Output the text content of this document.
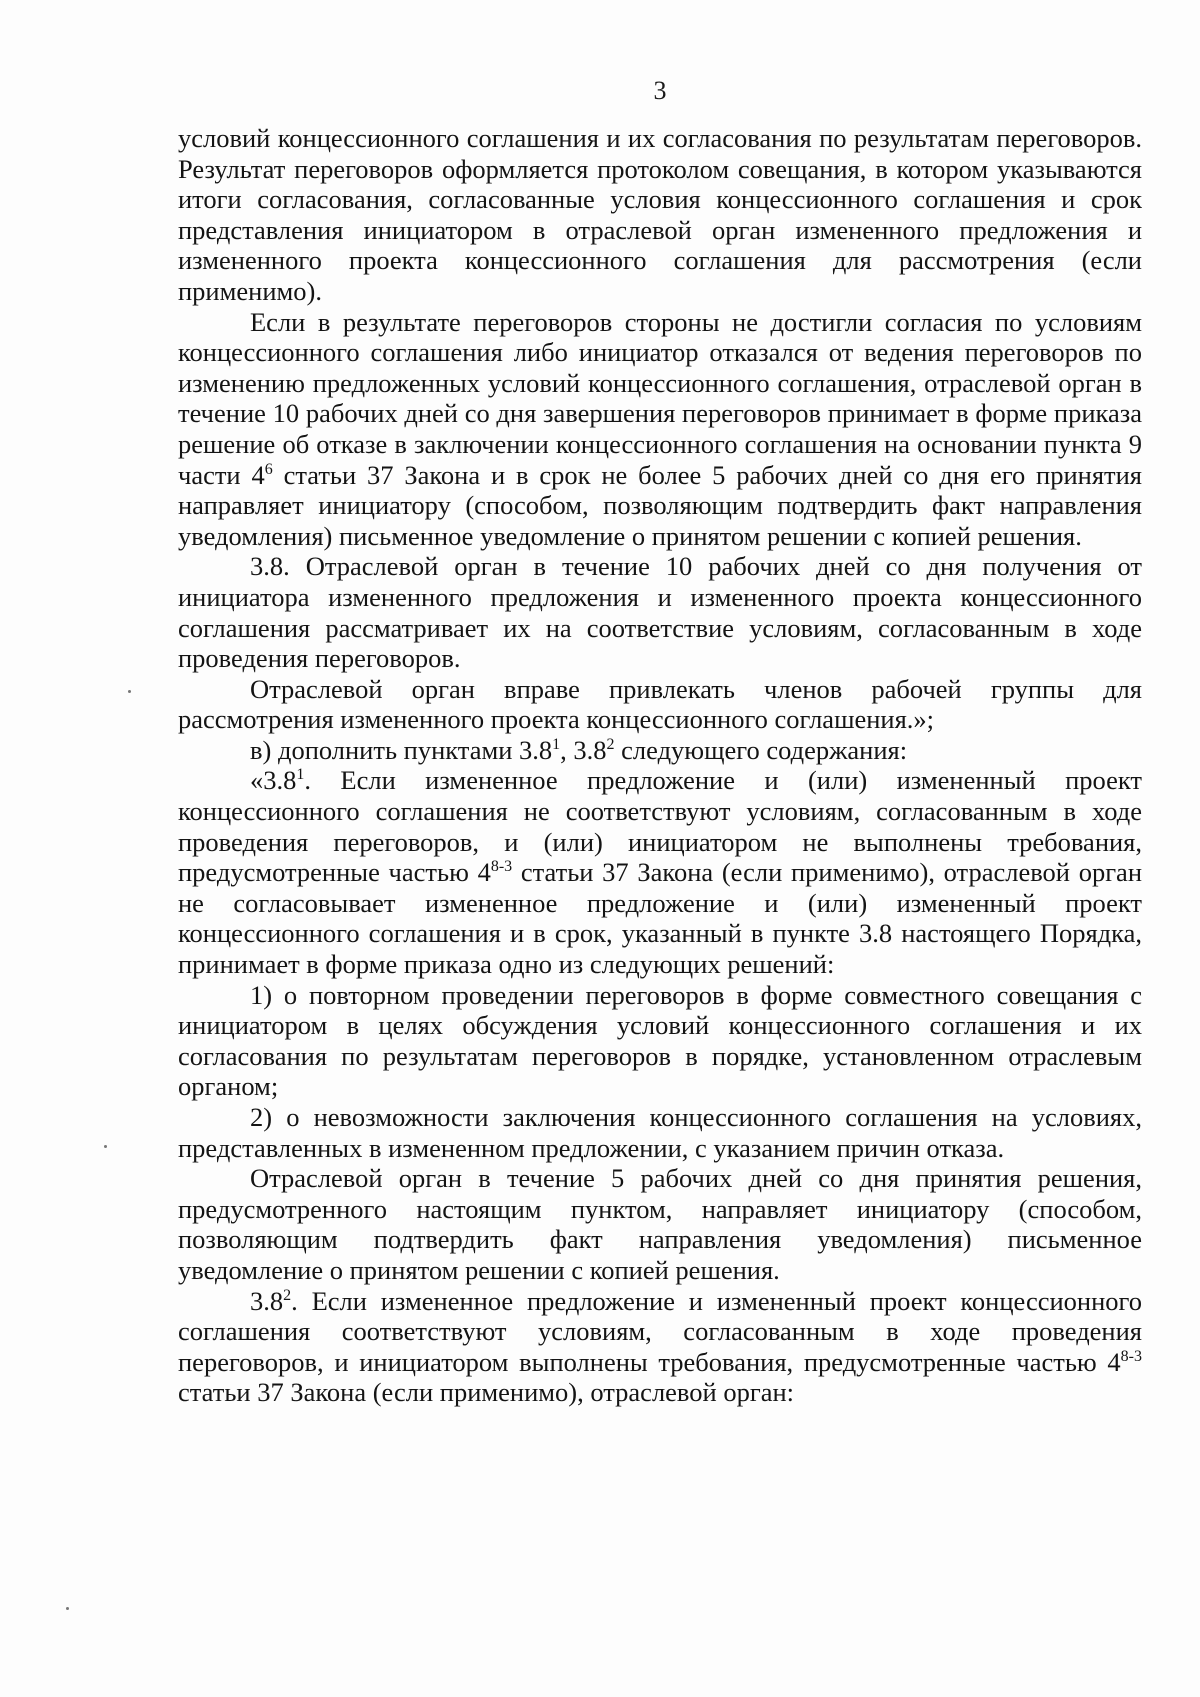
3

условий концессионного соглашения и их согласования по результатам переговоров. Результат переговоров оформляется протоколом совещания, в котором указываются итоги согласования, согласованные условия концессионного соглашения и срок представления инициатором в отраслевой орган измененного предложения и измененного проекта концессионного соглашения для рассмотрения (если применимо).

Если в результате переговоров стороны не достигли согласия по условиям концессионного соглашения либо инициатор отказался от ведения переговоров по изменению предложенных условий концессионного соглашения, отраслевой орган в течение 10 рабочих дней со дня завершения переговоров принимает в форме приказа решение об отказе в заключении концессионного соглашения на основании пункта 9 части $4^6$ статьи 37 Закона и в срок не более 5 рабочих дней со дня его принятия направляет инициатору (способом, позволяющим подтвердить факт направления уведомления) письменное уведомление о принятом решении с копией решения.

3.8. Отраслевой орган в течение 10 рабочих дней со дня получения от инициатора измененного предложения и измененного проекта концессионного соглашения рассматривает их на соответствие условиям, согласованным в ходе проведения переговоров.

Отраслевой орган вправе привлекать членов рабочей группы для рассмотрения измененного проекта концессионного соглашения.»;

в) дополнить пунктами $3.8^1$, $3.8^2$ следующего содержания:

«$3.8^1$. Если измененное предложение и (или) измененный проект концессионного соглашения не соответствуют условиям, согласованным в ходе проведения переговоров, и (или) инициатором не выполнены требования, предусмотренные частью 4$^{8-3}$ статьи 37 Закона (если применимо), отраслевой орган не согласовывает измененное предложение и (или) измененный проект концессионного соглашения и в срок, указанный в пункте 3.8 настоящего Порядка, принимает в форме приказа одно из следующих решений:

1) о повторном проведении переговоров в форме совместного совещания с инициатором в целях обсуждения условий концессионного соглашения и их согласования по результатам переговоров в порядке, установленном отраслевым органом;

2) о невозможности заключения концессионного соглашения на условиях, представленных в измененном предложении, с указанием причин отказа.

Отраслевой орган в течение 5 рабочих дней со дня принятия решения, предусмотренного настоящим пунктом, направляет инициатору (способом, позволяющим подтвердить факт направления уведомления) письменное уведомление о принятом решении с копией решения.

$3.8^2$. Если измененное предложение и измененный проект концессионного соглашения соответствуют условиям, согласованным в ходе проведения переговоров, и инициатором выполнены требования, предусмотренные частью 4$^{8-3}$ статьи 37 Закона (если применимо), отраслевой орган:
